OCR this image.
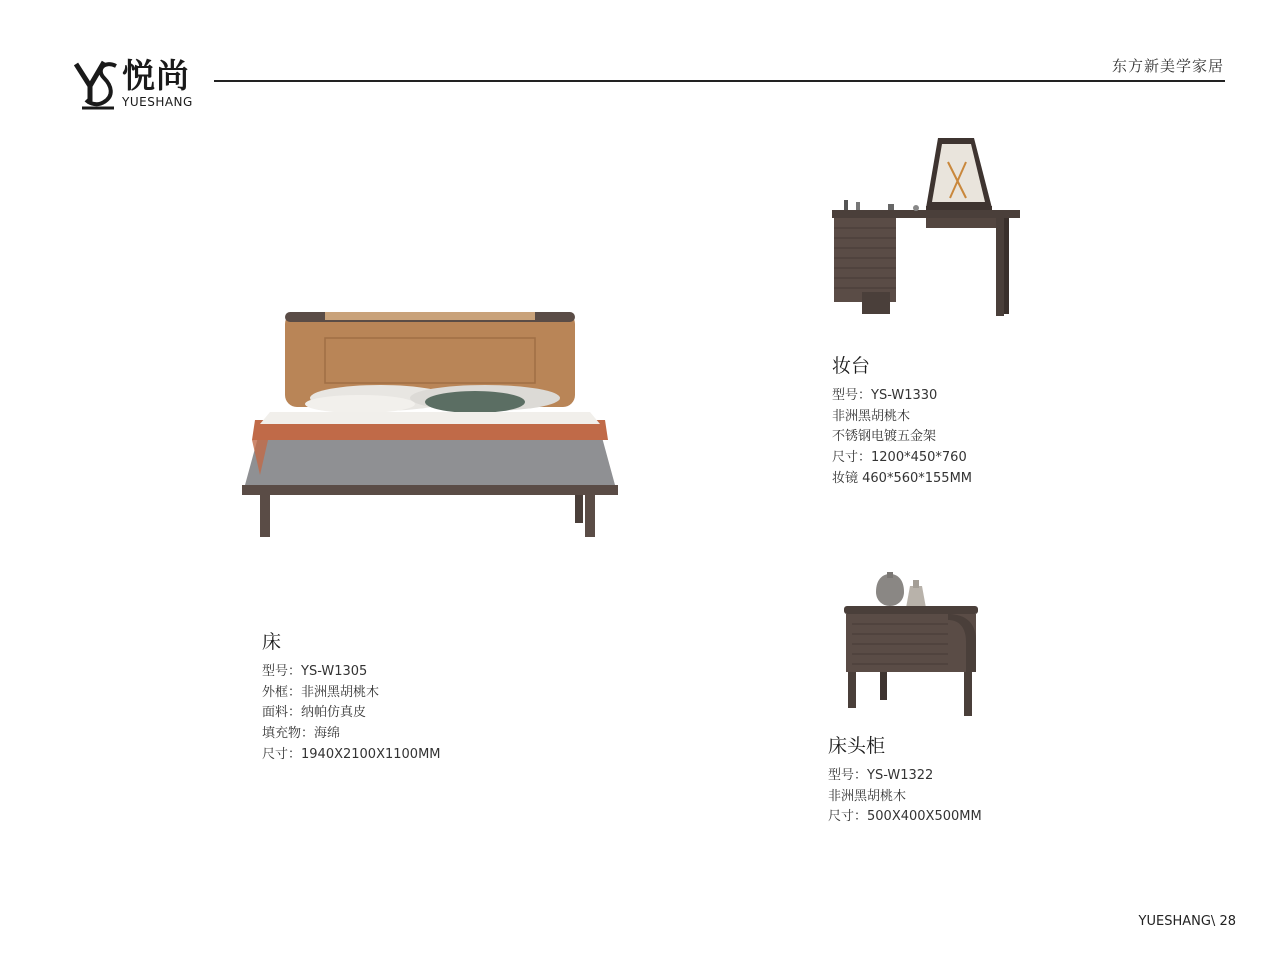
悦尚
YUESHANG
东方新美学家居
床
型号：YS-W1305
外框：非洲黑胡桃木
面料：纳帕仿真皮
填充物：海绵
尺寸：1940X2100X1100MM
妆台
型号：YS-W1330
非洲黑胡桃木
不锈钢电镀五金架
尺寸：1200*450*760
妆镜 460*560*155MM
床头柜
型号：YS-W1322
非洲黑胡桃木
尺寸：500X400X500MM
YUESHANG\ 28
